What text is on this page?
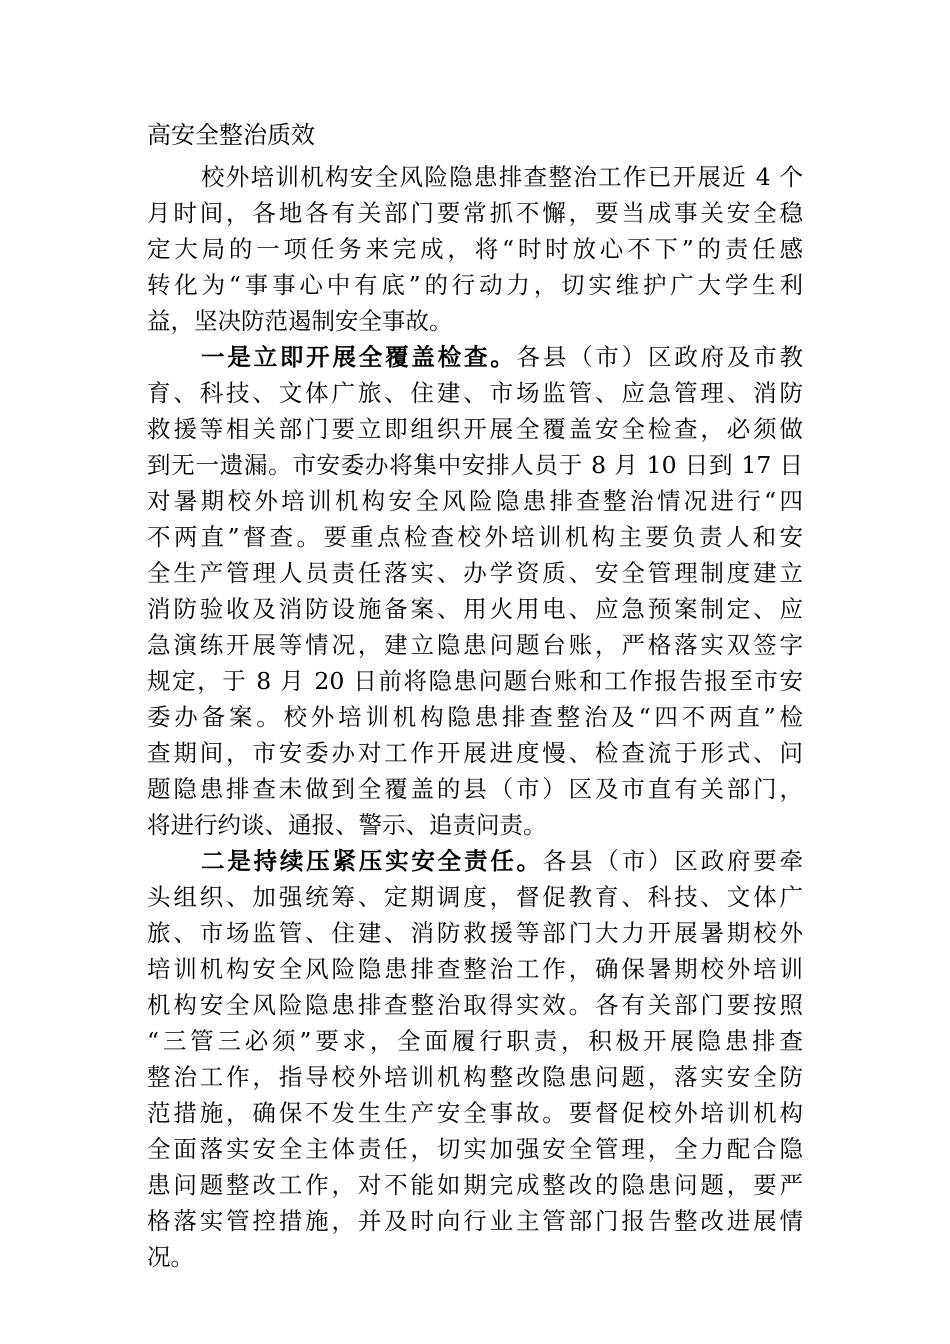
高安全整治质效
校外培训机构安全风险隐患排查整治工作已开展近 4 个
月时间，各地各有关部门要常抓不懈，要当成事关安全稳
定大局的一项任务来完成，将“时时放心不下”的责任感
转化为“事事心中有底”的行动力，切实维护广大学生利
益，坚决防范遏制安全事故。
一是立即开展全覆盖检查。各县（市）区政府及市教
育、科技、文体广旅、住建、市场监管、应急管理、消防
救援等相关部门要立即组织开展全覆盖安全检查，必须做
到无一遗漏。市安委办将集中安排人员于 8 月 10 日到 17 日
对暑期校外培训机构安全风险隐患排查整治情况进行“四
不两直”督查。要重点检查校外培训机构主要负责人和安
全生产管理人员责任落实、办学资质、安全管理制度建立
消防验收及消防设施备案、用火用电、应急预案制定、应
急演练开展等情况，建立隐患问题台账，严格落实双签字
规定，于 8 月 20 日前将隐患问题台账和工作报告报至市安
委办备案。校外培训机构隐患排查整治及“四不两直”检
查期间，市安委办对工作开展进度慢、检查流于形式、问
题隐患排查未做到全覆盖的县（市）区及市直有关部门，
将进行约谈、通报、警示、追责问责。
二是持续压紧压实安全责任。各县（市）区政府要牵
头组织、加强统筹、定期调度，督促教育、科技、文体广
旅、市场监管、住建、消防救援等部门大力开展暑期校外
培训机构安全风险隐患排查整治工作，确保暑期校外培训
机构安全风险隐患排查整治取得实效。各有关部门要按照
“三管三必须”要求，全面履行职责，积极开展隐患排查
整治工作，指导校外培训机构整改隐患问题，落实安全防
范措施，确保不发生生产安全事故。要督促校外培训机构
全面落实安全主体责任，切实加强安全管理，全力配合隐
患问题整改工作，对不能如期完成整改的隐患问题，要严
格落实管控措施，并及时向行业主管部门报告整改进展情
况。
